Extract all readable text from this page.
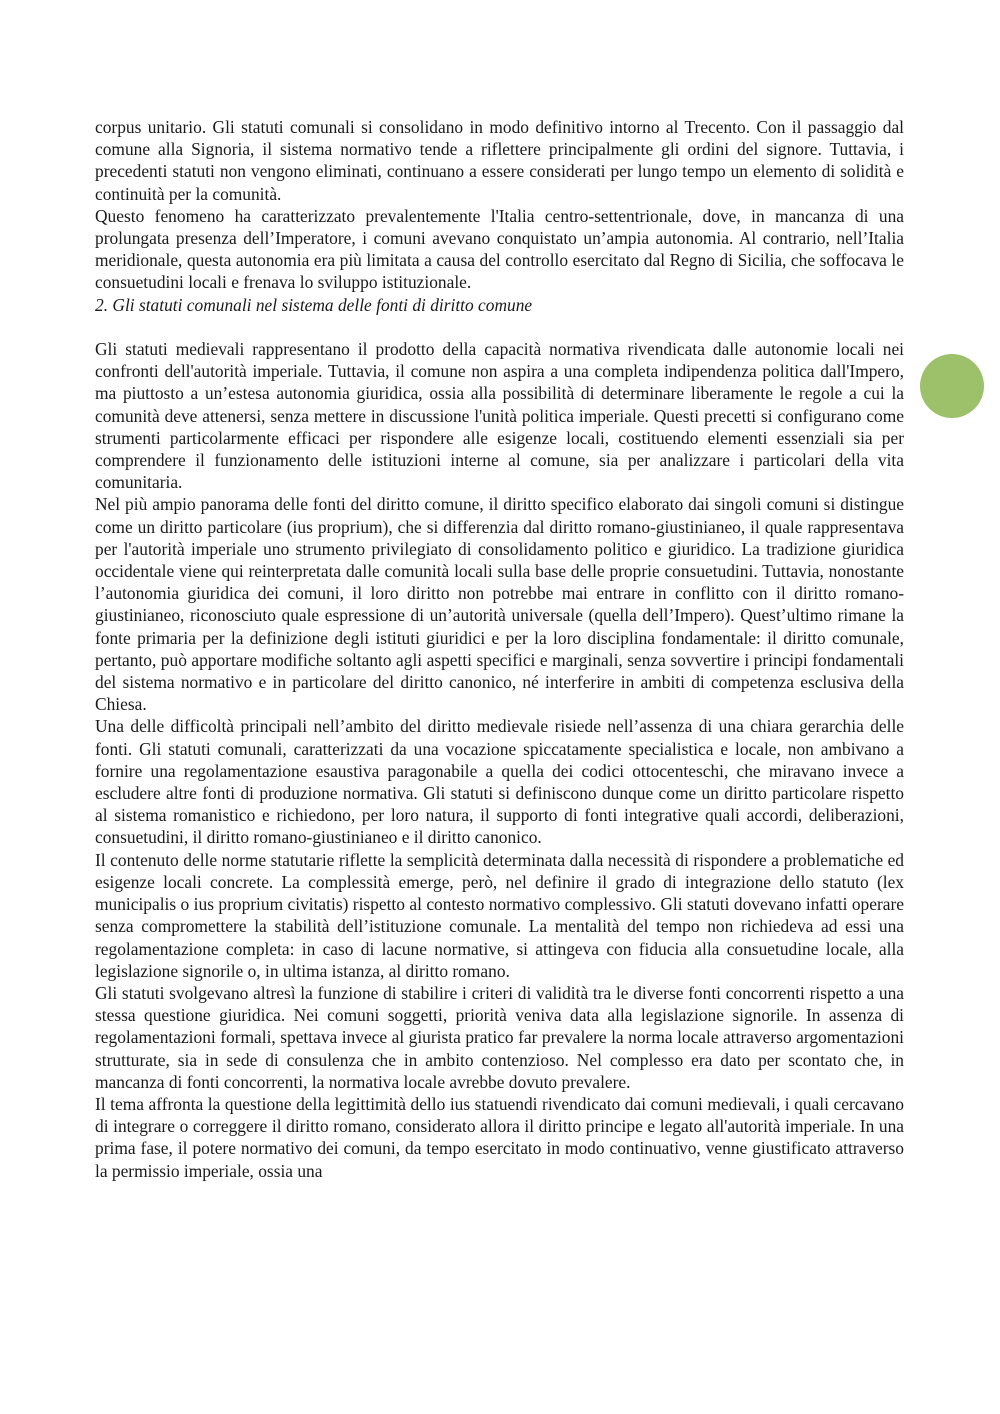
corpus unitario. Gli statuti comunali si consolidano in modo definitivo intorno al Trecento. Con il passaggio dal comune alla Signoria, il sistema normativo tende a riflettere principalmente gli ordini del signore. Tuttavia, i precedenti statuti non vengono eliminati, continuano a essere considerati per lungo tempo un elemento di solidità e continuità per la comunità.

Questo fenomeno ha caratterizzato prevalentemente l'Italia centro-settentrionale, dove, in mancanza di una prolungata presenza dell’Imperatore, i comuni avevano conquistato un’ampia autonomia. Al contrario, nell’Italia meridionale, questa autonomia era più limitata a causa del controllo esercitato dal Regno di Sicilia, che soffocava le consuetudini locali e frenava lo sviluppo istituzionale.

2. Gli statuti comunali nel sistema delle fonti di diritto comune

Gli statuti medievali rappresentano il prodotto della capacità normativa rivendicata dalle autonomie locali nei confronti dell'autorità imperiale. Tuttavia, il comune non aspira a una completa indipendenza politica dall'Impero, ma piuttosto a un’estesa autonomia giuridica, ossia alla possibilità di determinare liberamente le regole a cui la comunità deve attenersi, senza mettere in discussione l'unità politica imperiale. Questi precetti si configurano come strumenti particolarmente efficaci per rispondere alle esigenze locali, costituendo elementi essenziali sia per comprendere il funzionamento delle istituzioni interne al comune, sia per analizzare i particolari della vita comunitaria.

Nel più ampio panorama delle fonti del diritto comune, il diritto specifico elaborato dai singoli comuni si distingue come un diritto particolare (ius proprium), che si differenzia dal diritto romano-giustinianeo, il quale rappresentava per l'autorità imperiale uno strumento privilegiato di consolidamento politico e giuridico. La tradizione giuridica occidentale viene qui reinterpretata dalle comunità locali sulla base delle proprie consuetudini. Tuttavia, nonostante l’autonomia giuridica dei comuni, il loro diritto non potrebbe mai entrare in conflitto con il diritto romano-giustinianeo, riconosciuto quale espressione di un’autorità universale (quella dell’Impero). Quest’ultimo rimane la fonte primaria per la definizione degli istituti giuridici e per la loro disciplina fondamentale: il diritto comunale, pertanto, può apportare modifiche soltanto agli aspetti specifici e marginali, senza sovvertire i principi fondamentali del sistema normativo e in particolare del diritto canonico, né interferire in ambiti di competenza esclusiva della Chiesa.

Una delle difficoltà principali nell’ambito del diritto medievale risiede nell’assenza di una chiara gerarchia delle fonti. Gli statuti comunali, caratterizzati da una vocazione spiccatamente specialistica e locale, non ambivano a fornire una regolamentazione esaustiva paragonabile a quella dei codici ottocenteschi, che miravano invece a escludere altre fonti di produzione normativa. Gli statuti si definiscono dunque come un diritto particolare rispetto al sistema romanistico e richiedono, per loro natura, il supporto di fonti integrative quali accordi, deliberazioni, consuetudini, il diritto romano-giustinianeo e il diritto canonico.

Il contenuto delle norme statutarie riflette la semplicità determinata dalla necessità di rispondere a problematiche ed esigenze locali concrete. La complessità emerge, però, nel definire il grado di integrazione dello statuto (lex municipalis o ius proprium civitatis) rispetto al contesto normativo complessivo. Gli statuti dovevano infatti operare senza compromettere la stabilità dell’istituzione comunale. La mentalità del tempo non richiedeva ad essi una regolamentazione completa: in caso di lacune normative, si attingeva con fiducia alla consuetudine locale, alla legislazione signorile o, in ultima istanza, al diritto romano.

Gli statuti svolgevano altresì la funzione di stabilire i criteri di validità tra le diverse fonti concorrenti rispetto a una stessa questione giuridica. Nei comuni soggetti, priorità veniva data alla legislazione signorile. In assenza di regolamentazioni formali, spettava invece al giurista pratico far prevalere la norma locale attraverso argomentazioni strutturate, sia in sede di consulenza che in ambito contenzioso. Nel complesso era dato per scontato che, in mancanza di fonti concorrenti, la normativa locale avrebbe dovuto prevalere.

Il tema affronta la questione della legittimità dello ius statuendi rivendicato dai comuni medievali, i quali cercavano di integrare o correggere il diritto romano, considerato allora il diritto principe e legato all'autorità imperiale. In una prima fase, il potere normativo dei comuni, da tempo esercitato in modo continuativo, venne giustificato attraverso la permissio imperiale, ossia una
